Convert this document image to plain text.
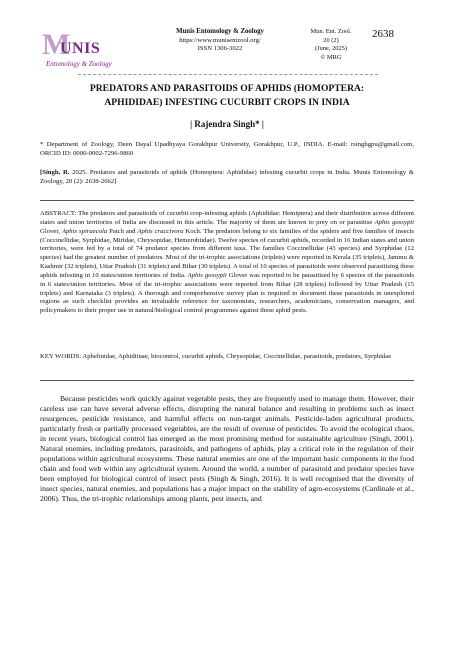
M
UNIS
Entomology & Zoology
Munis Entomology & Zoology
https://www.munisentzool.org/
ISSN 1306-3022
Mun. Ent. Zool.
20 (2)
(June, 2025)
© MRG
2638
PREDATORS AND PARASITOIDS OF APHIDS (HOMOPTERA:
APHIDIDAE) INFESTING CUCURBIT CROPS IN INDIA
| Rajendra Singh* |
* Department of Zoology, Deen Dayal Upadhyaya Gorakhpur University, Gorakhpur, U.P., INDIA. E-mail: rsinghgpu@gmail.com, ORCID ID: 0000-0002-7296-9860
[Singh, R. 2025. Predators and parasitoids of aphids (Homoptera: Aphididae) infesting cucurbit crops in India. Munis Entomology & Zoology, 20 (2): 2638-2662]
ABSTRACT: The predators and parasitoids of cucurbit crop-infesting aphids (Aphididae: Hemiptera) and their distribution across different states and union territories of India are discussed in this article. The majority of them are known to prey on or parasitise Aphis gossypii Glover, Aphis spiraecola Patch and Aphis craccivora Koch. The predators belong to six families of the spiders and five families of insects (Coccinellidae, Syrphidae, Miridae, Chrysopidae, Hemerobiidae). Twelve species of cucurbit aphids, recorded in 16 Indian states and union territories, were fed by a total of 74 predator species from different taxa. The families Coccinellidae (43 species) and Syrphidae (12 species) had the greatest number of predators. Most of the tri-trophic associations (triplets) were reported in Kerala (35 triplets), Jammu & Kashmir (32 triplets), Uttar Pradesh (31 triplets) and Bihar (30 triplets). A total of 10 species of parasitoids were observed parasitising these aphids infesting in 10 states/union territories of India. Aphis gossypii Glover was reported to be parasitised by 6 species of the parasitoids in 6 states/union territories. Most of the tri-trophic associations were reported from Bihar (28 triplets) followed by Uttar Pradesh (15 triplets) and Karnataka (3 triplets). A thorough and comprehensive survey plan is required to document these parasitoids in unexplored regions as such checklist provides an invaluable reference for taxonomists, researchers, academicians, conservation managers, and policymakers to their proper use in natural/biological control programmes against these aphid pests.
KEY WORDS: Aphelinidae, Aphidiinae, biocontrol, cucurbit aphids, Chrysopidae, Coccinellidae, parasitoids, predators, Syrphidae
Because pesticides work quickly against vegetable pests, they are frequently used to manage them. However, their careless use can have several adverse effects, disrupting the natural balance and resulting in problems such as insect resurgences, pesticide resistance, and harmful effects on non-target animals. Pesticide-laden agricultural products, particularly fresh or partially processed vegetables, are the result of overuse of pesticides. To avoid the ecological chaos, in recent years, biological control has emerged as the most promising method for sustainable agriculture (Singh, 2001). Natural enemies, including predators, parasitoids, and pathogens of aphids, play a critical role in the regulation of their populations within agricultural ecosystems. These natural enemies are one of the important basic components in the food chain and food web within any agricultural system. Around the world, a number of parasitoid and predator species have been employed for biological control of insect pests (Singh & Singh, 2016). It is well recognised that the diversity of insect species, natural enemies, and populations has a major impact on the stability of agro-ecosystems (Cardinale et al., 2006). Thus, the tri-trophic relationships among plants, pest insects, and
